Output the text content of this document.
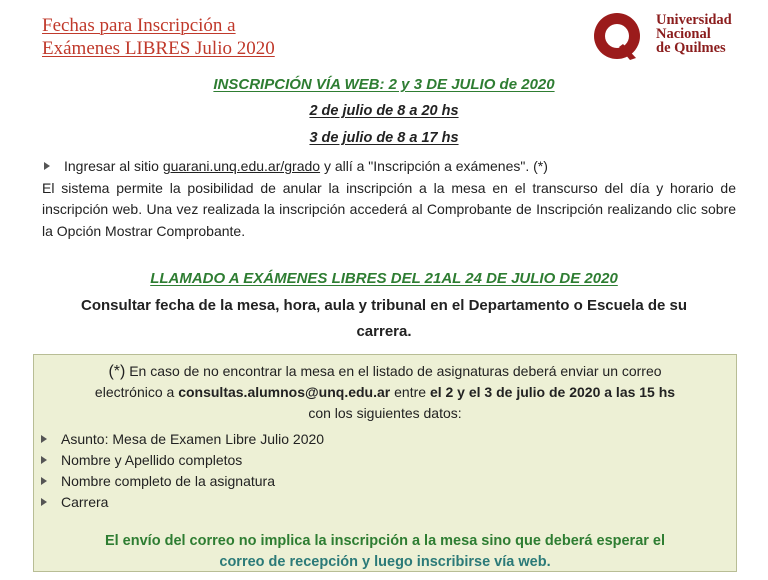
Fechas para Inscripción a
Exámenes LIBRES Julio 2020
Universidad
Nacional
de Quilmes
INSCRIPCIÓN VÍA WEB: 2 y 3 DE JULIO de 2020
2 de julio de 8 a 20 hs
3 de julio de 8 a 17 hs
Ingresar al sitio guarani.unq.edu.ar/grado y allí a "Inscripción a exámenes". (*)
El sistema permite la posibilidad de anular la inscripción a la mesa en el transcurso del día y horario de inscripción web. Una vez realizada la inscripción accederá al Comprobante de Inscripción realizando clic sobre la Opción Mostrar Comprobante.
LLAMADO A EXÁMENES LIBRES DEL 21AL 24 DE JULIO DE 2020
Consultar fecha de la mesa, hora, aula y tribunal en el Departamento o Escuela de su
carrera.
(*) En caso de no encontrar la mesa en el listado de asignaturas deberá enviar un correo
electrónico a consultas.alumnos@unq.edu.ar entre el 2 y el 3 de julio de 2020 a las 15 hs
con los siguientes datos:
Asunto: Mesa de Examen Libre Julio 2020
Nombre y Apellido completos
Nombre completo de la asignatura
Carrera
El envío del correo no implica la inscripción a la mesa sino que deberá esperar el
correo de recepción y luego inscribirse vía web.
